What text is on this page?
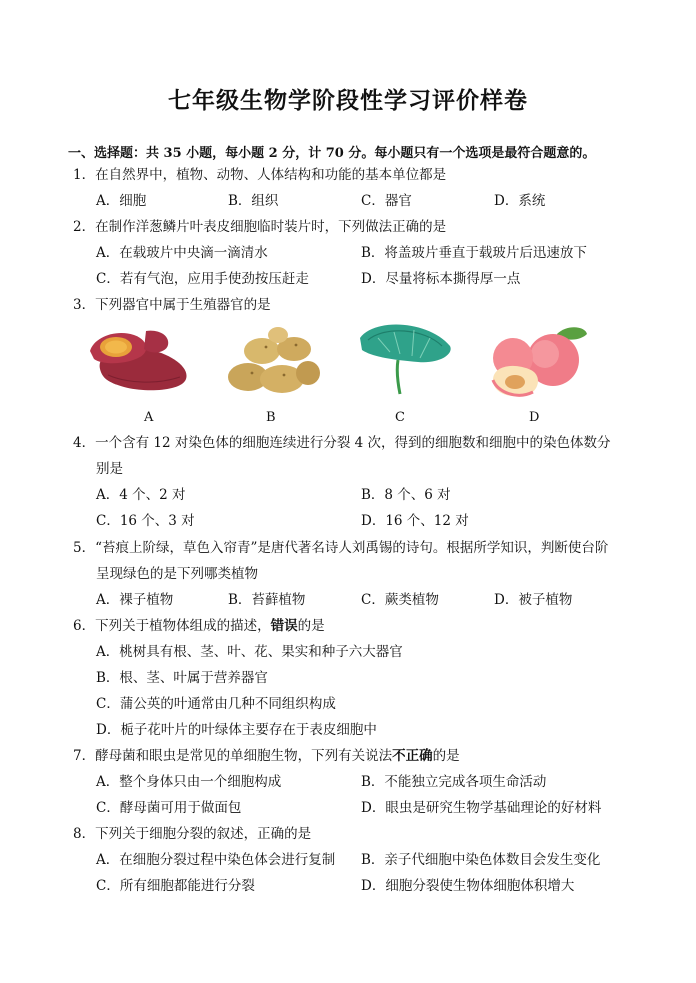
七年级生物学阶段性学习评价样卷
一、选择题：共 35 小题，每小题 2 分，计 70 分。每小题只有一个选项是最符合题意的。
1．在自然界中，植物、动物、人体结构和功能的基本单位都是
A．细胞	B．组织	C．器官	D．系统
2．在制作洋葱鳞片叶表皮细胞临时装片时，下列做法正确的是
A．在载玻片中央滴一滴清水	B．将盖玻片垂直于载玻片后迅速放下
C．若有气泡，应用手使劲按压赶走	D．尽量将标本撕得厚一点
3．下列器官中属于生殖器官的是
A	B	C	D
4．一个含有 12 对染色体的细胞连续进行分裂 4 次，得到的细胞数和细胞中的染色体数分
别是
A．4 个、2 对	B．8 个、6 对
C．16 个、3 对	D．16 个、12 对
5．“苔痕上阶绿，草色入帘青”是唐代著名诗人刘禹锡的诗句。根据所学知识，判断使台阶
呈现绿色的是下列哪类植物
A．裸子植物	B．苔藓植物	C．蕨类植物	D．被子植物
6．下列关于植物体组成的描述，错误的是
A．桃树具有根、茎、叶、花、果实和种子六大器官
B．根、茎、叶属于营养器官
C．蒲公英的叶通常由几种不同组织构成
D．栀子花叶片的叶绿体主要存在于表皮细胞中
7．酵母菌和眼虫是常见的单细胞生物，下列有关说法不正确的是
A．整个身体只由一个细胞构成	B．不能独立完成各项生命活动
C．酵母菌可用于做面包	D．眼虫是研究生物学基础理论的好材料
8．下列关于细胞分裂的叙述，正确的是
A．在细胞分裂过程中染色体会进行复制 B．亲子代细胞中染色体数目会发生变化
C．所有细胞都能进行分裂	D．细胞分裂使生物体细胞体积增大
